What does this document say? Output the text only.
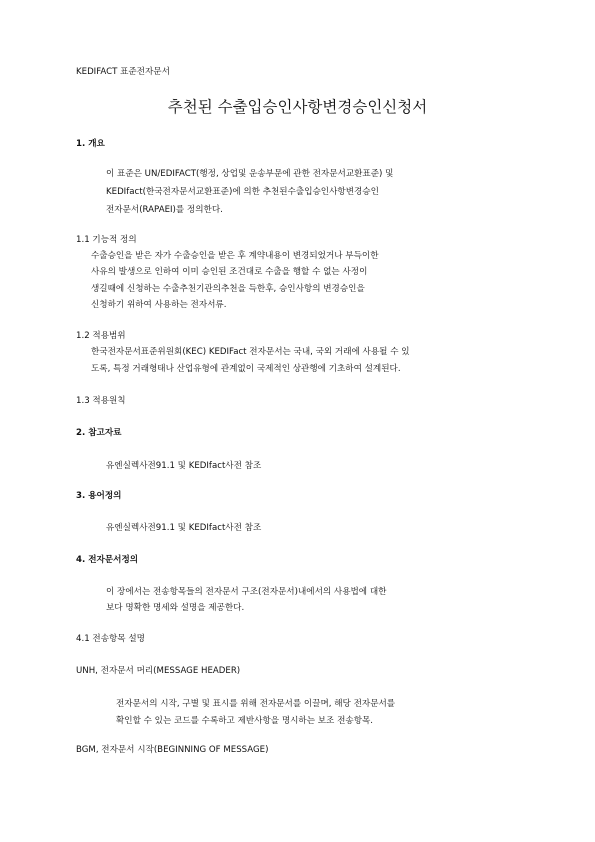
KEDIFACT 표준전자문서
추천된 수출입승인사항변경승인신청서
1. 개요
이 표준은 UN/EDIFACT(행정, 상업및 운송부문에 관한 전자문서교환표준) 및
KEDIfact(한국전자문서교환표준)에 의한 추천된수출입승인사항변경승인
전자문서(RAPAEI)를 정의한다.
1.1 기능적 정의
수출승인을 받은 자가 수출승인을 받은 후 계약내용이 변경되었거나 부득이한
사유의 발생으로 인하여 이미 승인된 조건대로 수출을 행할 수 없는 사정이
생길때에 신청하는 수출추천기관의추천을 득한후, 승인사항의 변경승인을
신청하기 위하여 사용하는 전자서류.
1.2 적용범위
한국전자문서표준위원회(KEC) KEDIFact 전자문서는 국내, 국외 거래에 사용될 수 있
도록, 특정 거래형태나 산업유형에 관계없이 국제적인 상관행에 기초하여 설계된다.
1.3 적용원칙
2. 참고자료
유엔실렉사전91.1 및 KEDIfact사전 참조
3. 용어정의
유엔실렉사전91.1 및 KEDIfact사전 참조
4. 전자문서정의
이 장에서는 전송항목들의 전자문서 구조(전자문서)내에서의 사용법에 대한
보다 명확한 명세와 설명을 제공한다.
4.1 전송항목 설명
UNH, 전자문서 머리(MESSAGE HEADER)
전자문서의 시작, 구별 및 표시를 위해 전자문서를 이끌며, 해당 전자문서를
확인할 수 있는 코드를 수록하고 제반사항을 명시하는 보조 전송항목.
BGM, 전자문서 시작(BEGINNING OF MESSAGE)
